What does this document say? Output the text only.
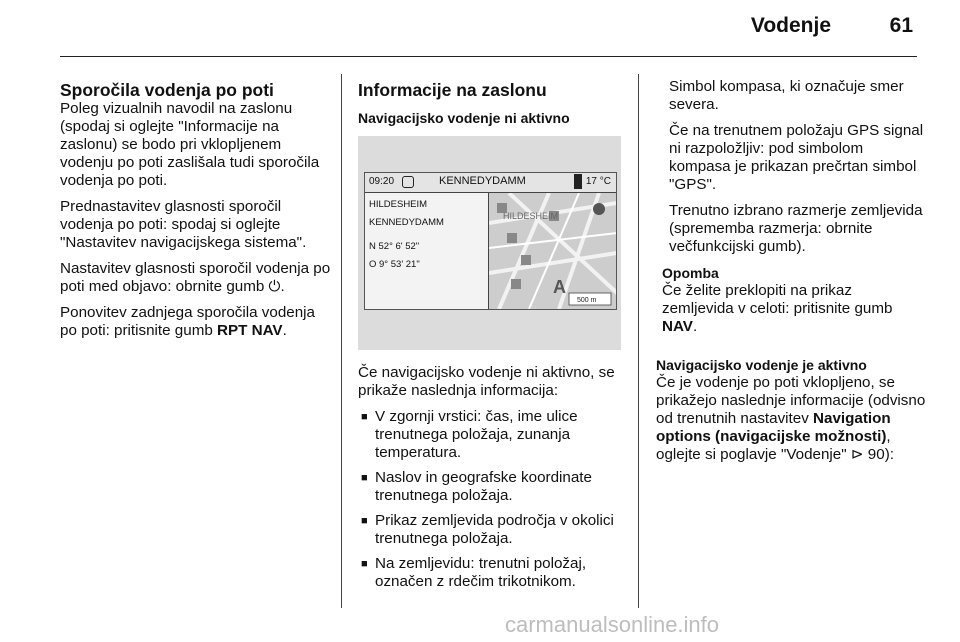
Vodenje	61
Sporočila vodenja po poti

Poleg vizualnih navodil na zaslonu (spodaj si oglejte "Informacije na zaslonu) se bodo pri vklopljenem vodenju po poti zaslišala tudi sporočila vodenja po poti.

Prednastavitev glasnosti sporočil vodenja po poti: spodaj si oglejte "Nastavitev navigacijskega sistema".

Nastavitev glasnosti sporočil vodenja po poti med objavo: obrnite gumb ⏻.

Ponovitev zadnjega sporočila vodenja po poti: pritisnite gumb RPT NAV.

Informacije na zaslonu
Navigacijsko vodenje ni aktivno
09:20	KENNEDYDAMM	17 °C
HILDESHEIM
KENNEDYDAMM
N 52° 6' 52"
O 9° 53' 21"
HILDESHEIM
A
500 m

Če navigacijsko vodenje ni aktivno, se prikaže naslednja informacija:

■ V zgornji vrstici: čas, ime ulice trenutnega položaja, zunanja temperatura.
■ Naslov in geografske koordinate trenutnega položaja.
■ Prikaz zemljevida področja v okolici trenutnega položaja.
■ Na zemljevidu: trenutni položaj, označen z rdečim trikotnikom.

Simbol kompasa, ki označuje smer severa.

Če na trenutnem položaju GPS signal ni razpoložljiv: pod simbolom kompasa je prikazan prečrtan simbol "GPS".

Trenutno izbrano razmerje zemljevida (sprememba razmerja: obrnite večfunkcijski gumb).

Opomba

Če želite preklopiti na prikaz zemljevida v celoti: pritisnite gumb NAV.

Navigacijsko vodenje je aktivno

Če je vodenje po poti vklopljeno, se prikažejo naslednje informacije (odvisno od trenutnih nastavitev Navigation options (navigacijske možnosti), oglejte si poglavje "Vodenje" ⊳ 90):

carmanualsonline.info
